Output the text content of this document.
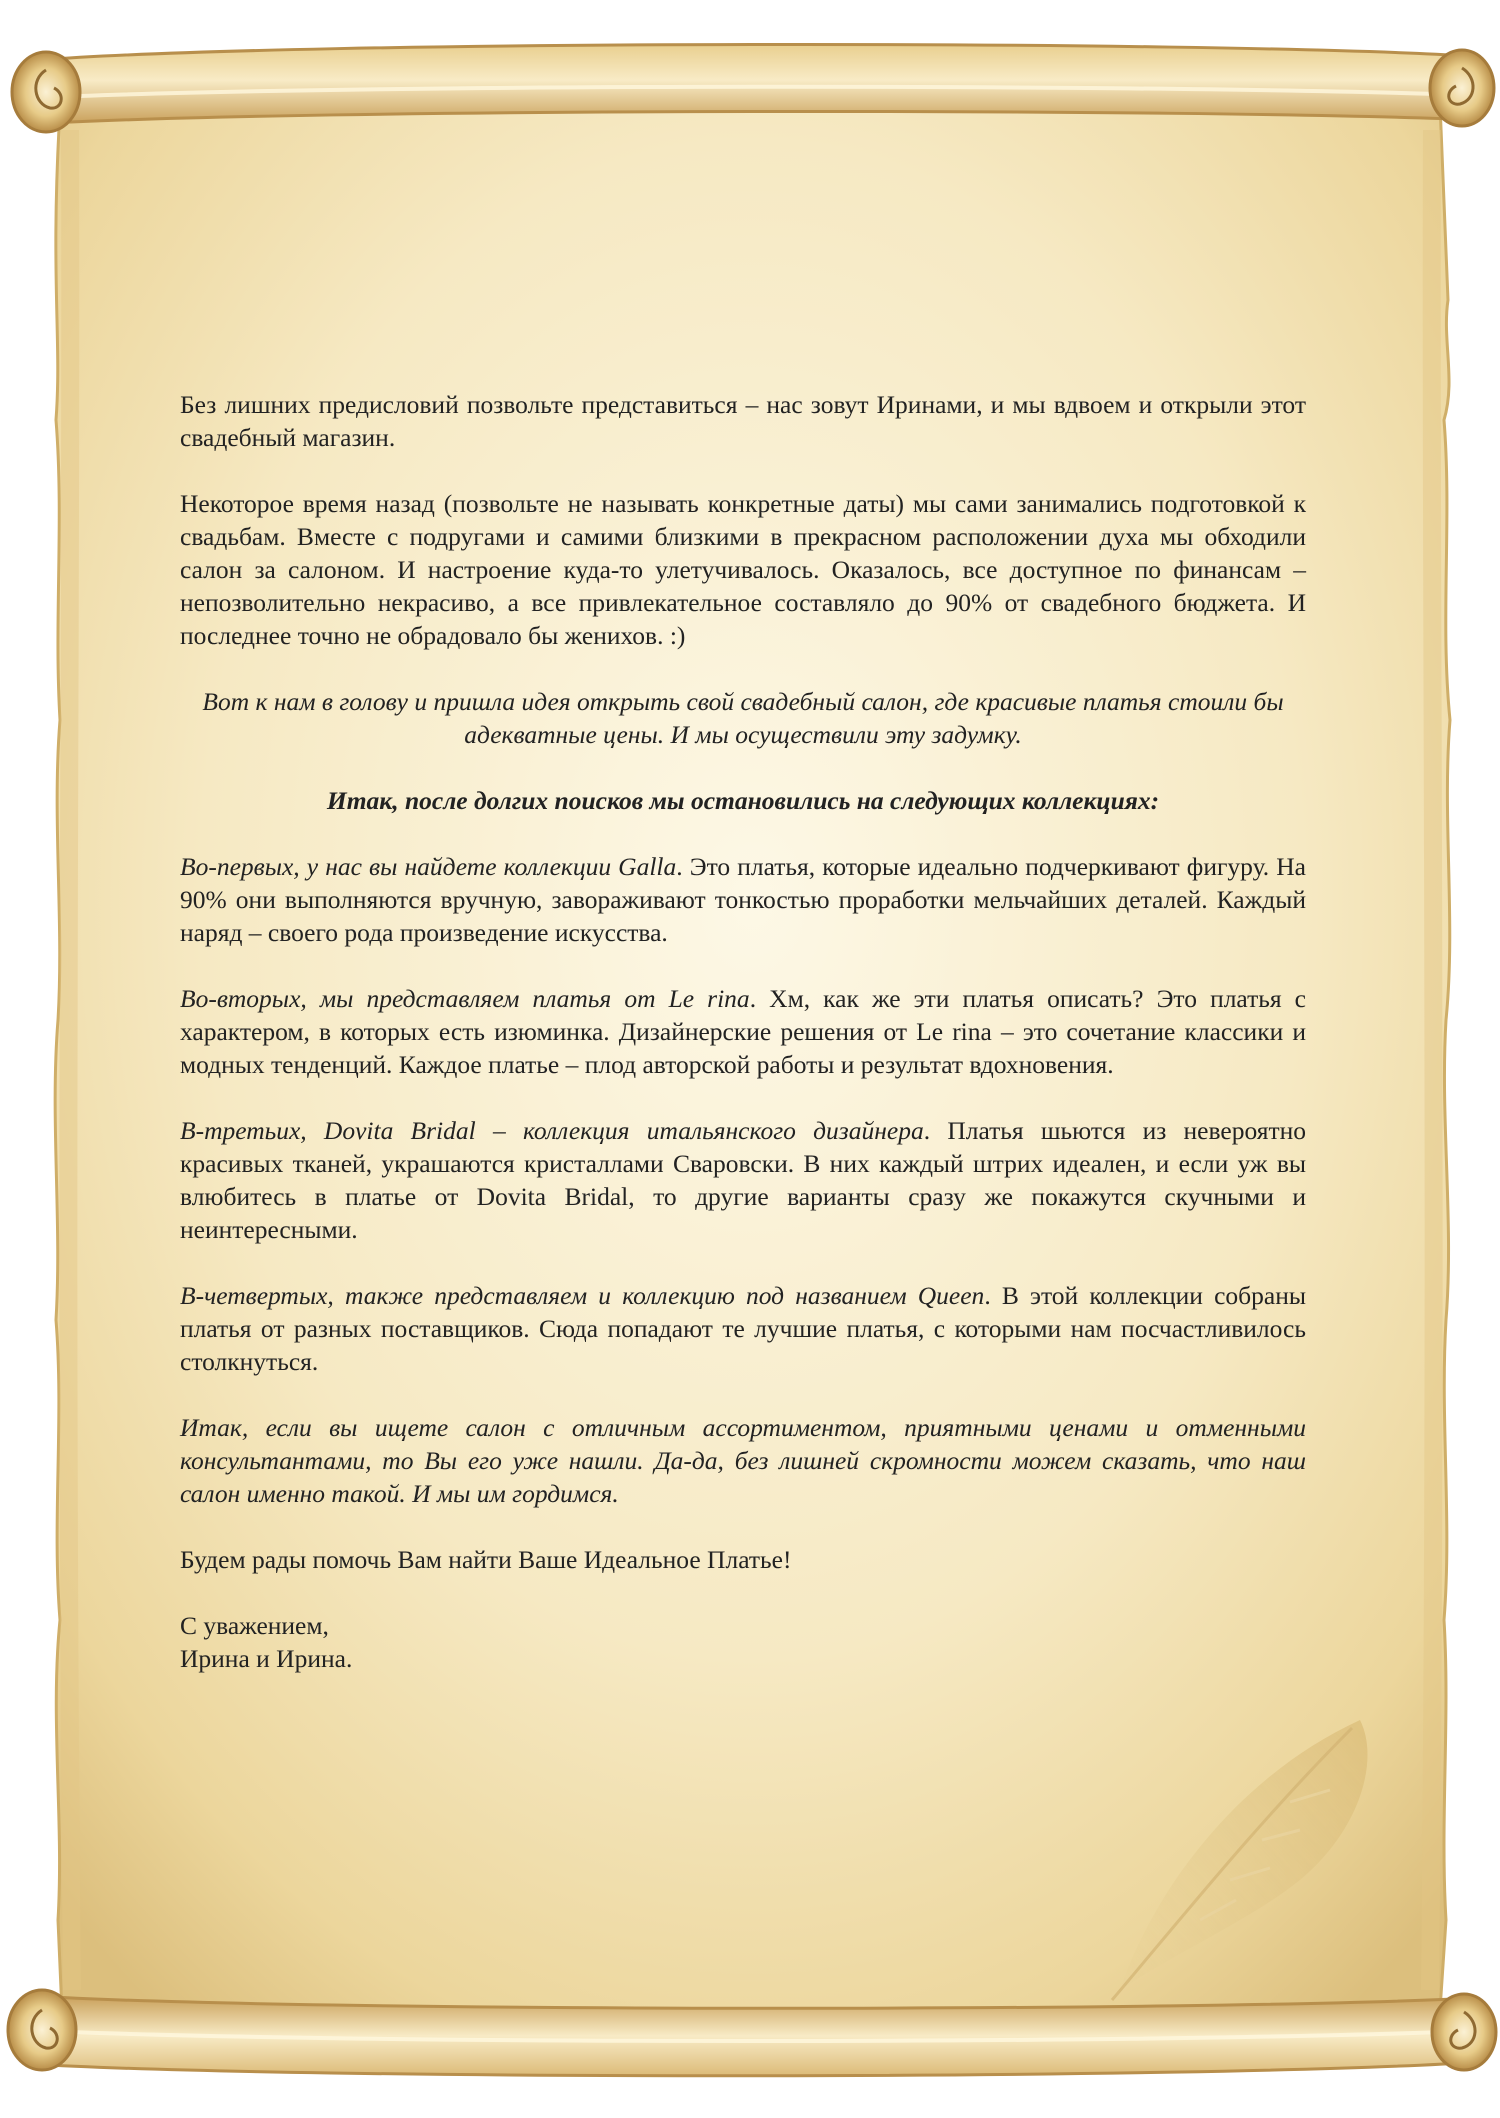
Без лишних предисловий позвольте представиться – нас зовут Иринами, и мы вдвоем и открыли этот свадебный магазин.

Некоторое время назад (позвольте не называть конкретные даты) мы сами занимались подготовкой к свадьбам. Вместе с подругами и самими близкими в прекрасном расположении духа мы обходили салон за салоном. И настроение куда-то улетучивалось. Оказалось, все доступное по финансам – непозволительно некрасиво, а все привлекательное составляло до 90% от свадебного бюджета. И последнее точно не обрадовало бы женихов. :)

Вот к нам в голову и пришла идея открыть свой свадебный салон, где красивые платья стоили бы адекватные цены. И мы осуществили эту задумку.

Итак, после долгих поисков мы остановились на следующих коллекциях:

Во-первых, у нас вы найдете коллекции Galla. Это платья, которые идеально подчеркивают фигуру. На 90% они выполняются вручную, завораживают тонкостью проработки мельчайших деталей. Каждый наряд – своего рода произведение искусства.

Во-вторых, мы представляем платья от Le rina. Хм, как же эти платья описать? Это платья с характером, в которых есть изюминка. Дизайнерские решения от Le rina – это сочетание классики и модных тенденций. Каждое платье – плод авторской работы и результат вдохновения.

В-третьих, Dovita Bridal – коллекция итальянского дизайнера. Платья шьются из невероятно красивых тканей, украшаются кристаллами Сваровски. В них каждый штрих идеален, и если уж вы влюбитесь в платье от Dovita Bridal, то другие варианты сразу же покажутся скучными и неинтересными.

В-четвертых, также представляем и коллекцию под названием Queen. В этой коллекции собраны платья от разных поставщиков. Сюда попадают те лучшие платья, с которыми нам посчастливилось столкнуться.

Итак, если вы ищете салон с отличным ассортиментом, приятными ценами и отменными консультантами, то Вы его уже нашли. Да-да, без лишней скромности можем сказать, что наш салон именно такой. И мы им гордимся.

Будем рады помочь Вам найти Ваше Идеальное Платье!

С уважением,

Ирина и Ирина.
